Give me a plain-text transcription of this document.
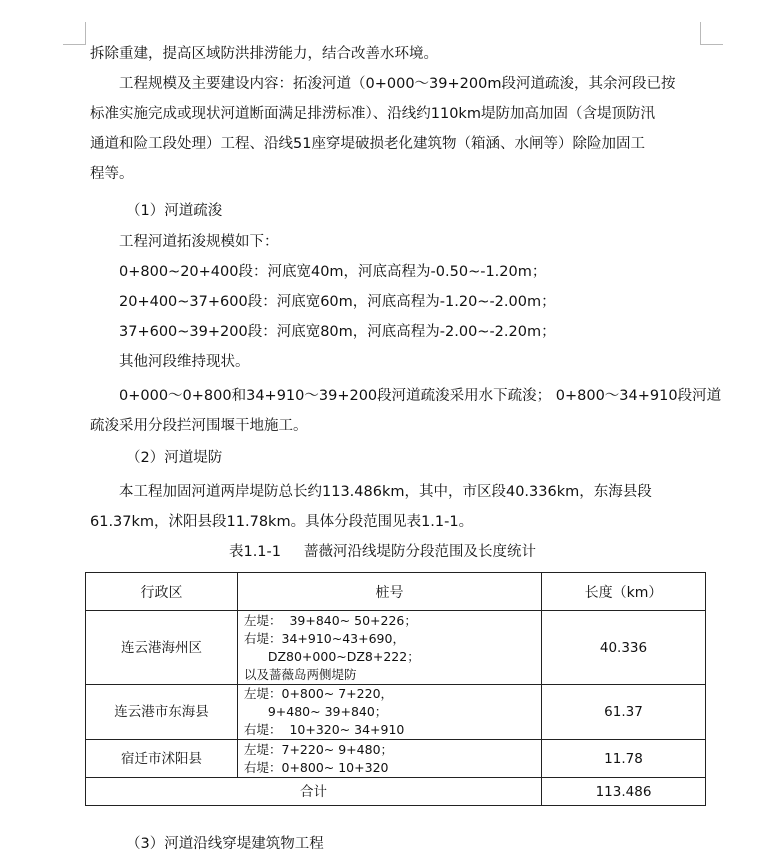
拆除重建，提高区域防洪排涝能力，结合改善水环境。
工程规模及主要建设内容：拓浚河道（0+000～39+200m段河道疏浚，其余河段已按
标准实施完成或现状河道断面满足排涝标准）、沿线约110km堤防加高加固（含堤顶防汛
通道和险工段处理）工程、沿线51座穿堤破损老化建筑物（箱涵、水闸等）除险加固工
程等。
（1）河道疏浚
工程河道拓浚规模如下：
0+800~20+400段：河底宽40m，河底高程为-0.50~-1.20m；
20+400~37+600段：河底宽60m，河底高程为-1.20~-2.00m；
37+600~39+200段：河底宽80m，河底高程为-2.00~-2.20m；
其他河段维持现状。
0+000～0+800和34+910～39+200段河道疏浚采用水下疏浚； 0+800～34+910段河道
疏浚采用分段拦河围堰干地施工。
（2）河道堤防
本工程加固河道两岸堤防总长约113.486km，其中，市区段40.336km，东海县段
61.37km，沭阳县段11.78km。具体分段范围见表1.1-1。
表1.1-1     蔷薇河沿线堤防分段范围及长度统计
行政区	桩号	长度（km）
连云港海州区	左堤：  39+840~ 50+226；
右堤：34+910~43+690，
DZ80+000~DZ8+222；
以及蔷薇岛两侧堤防	40.336
连云港市东海县	左堤：0+800~ 7+220，
9+480~ 39+840；
右堤：  10+320~ 34+910	61.37
宿迁市沭阳县	左堤：7+220~ 9+480；
右堤：0+800~ 10+320	11.78
合计		113.486
（3）河道沿线穿堤建筑物工程
